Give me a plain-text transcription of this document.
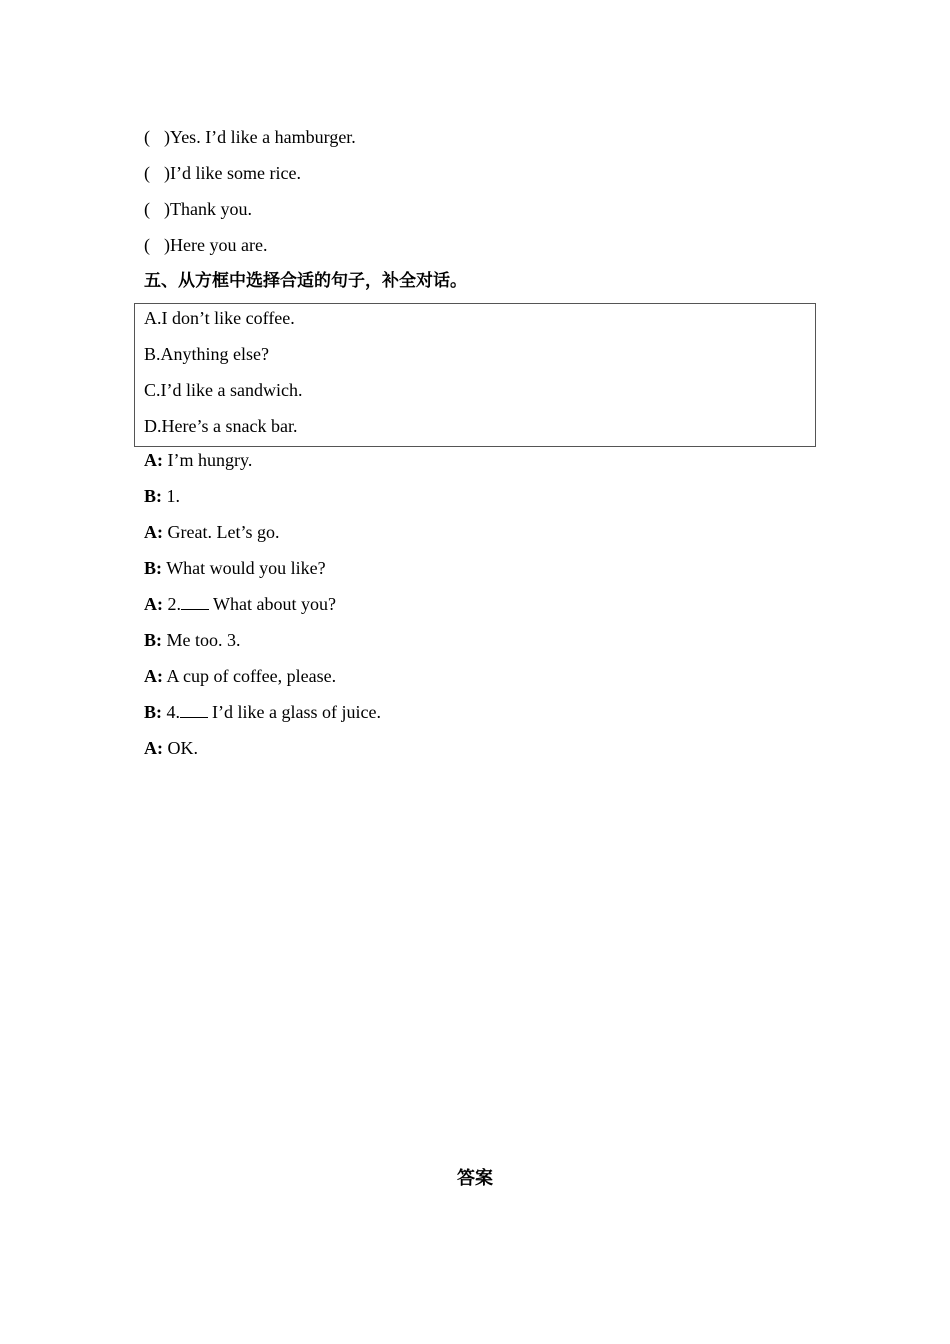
( )Yes. I’d like a hamburger.
( )I’d like some rice.
( )Thank you.
( )Here you are.
五、从方框中选择合适的句子，补全对话。
A.I don’t like coffee.
B.Anything else?
C.I’d like a sandwich.
D.Here’s a snack bar.
A: I’m hungry.
B: 1.
A: Great. Let’s go.
B: What would you like?
A: 2. What about you?
B: Me too. 3.
A: A cup of coffee, please.
B: 4. I’d like a glass of juice.
A: OK.
答案
